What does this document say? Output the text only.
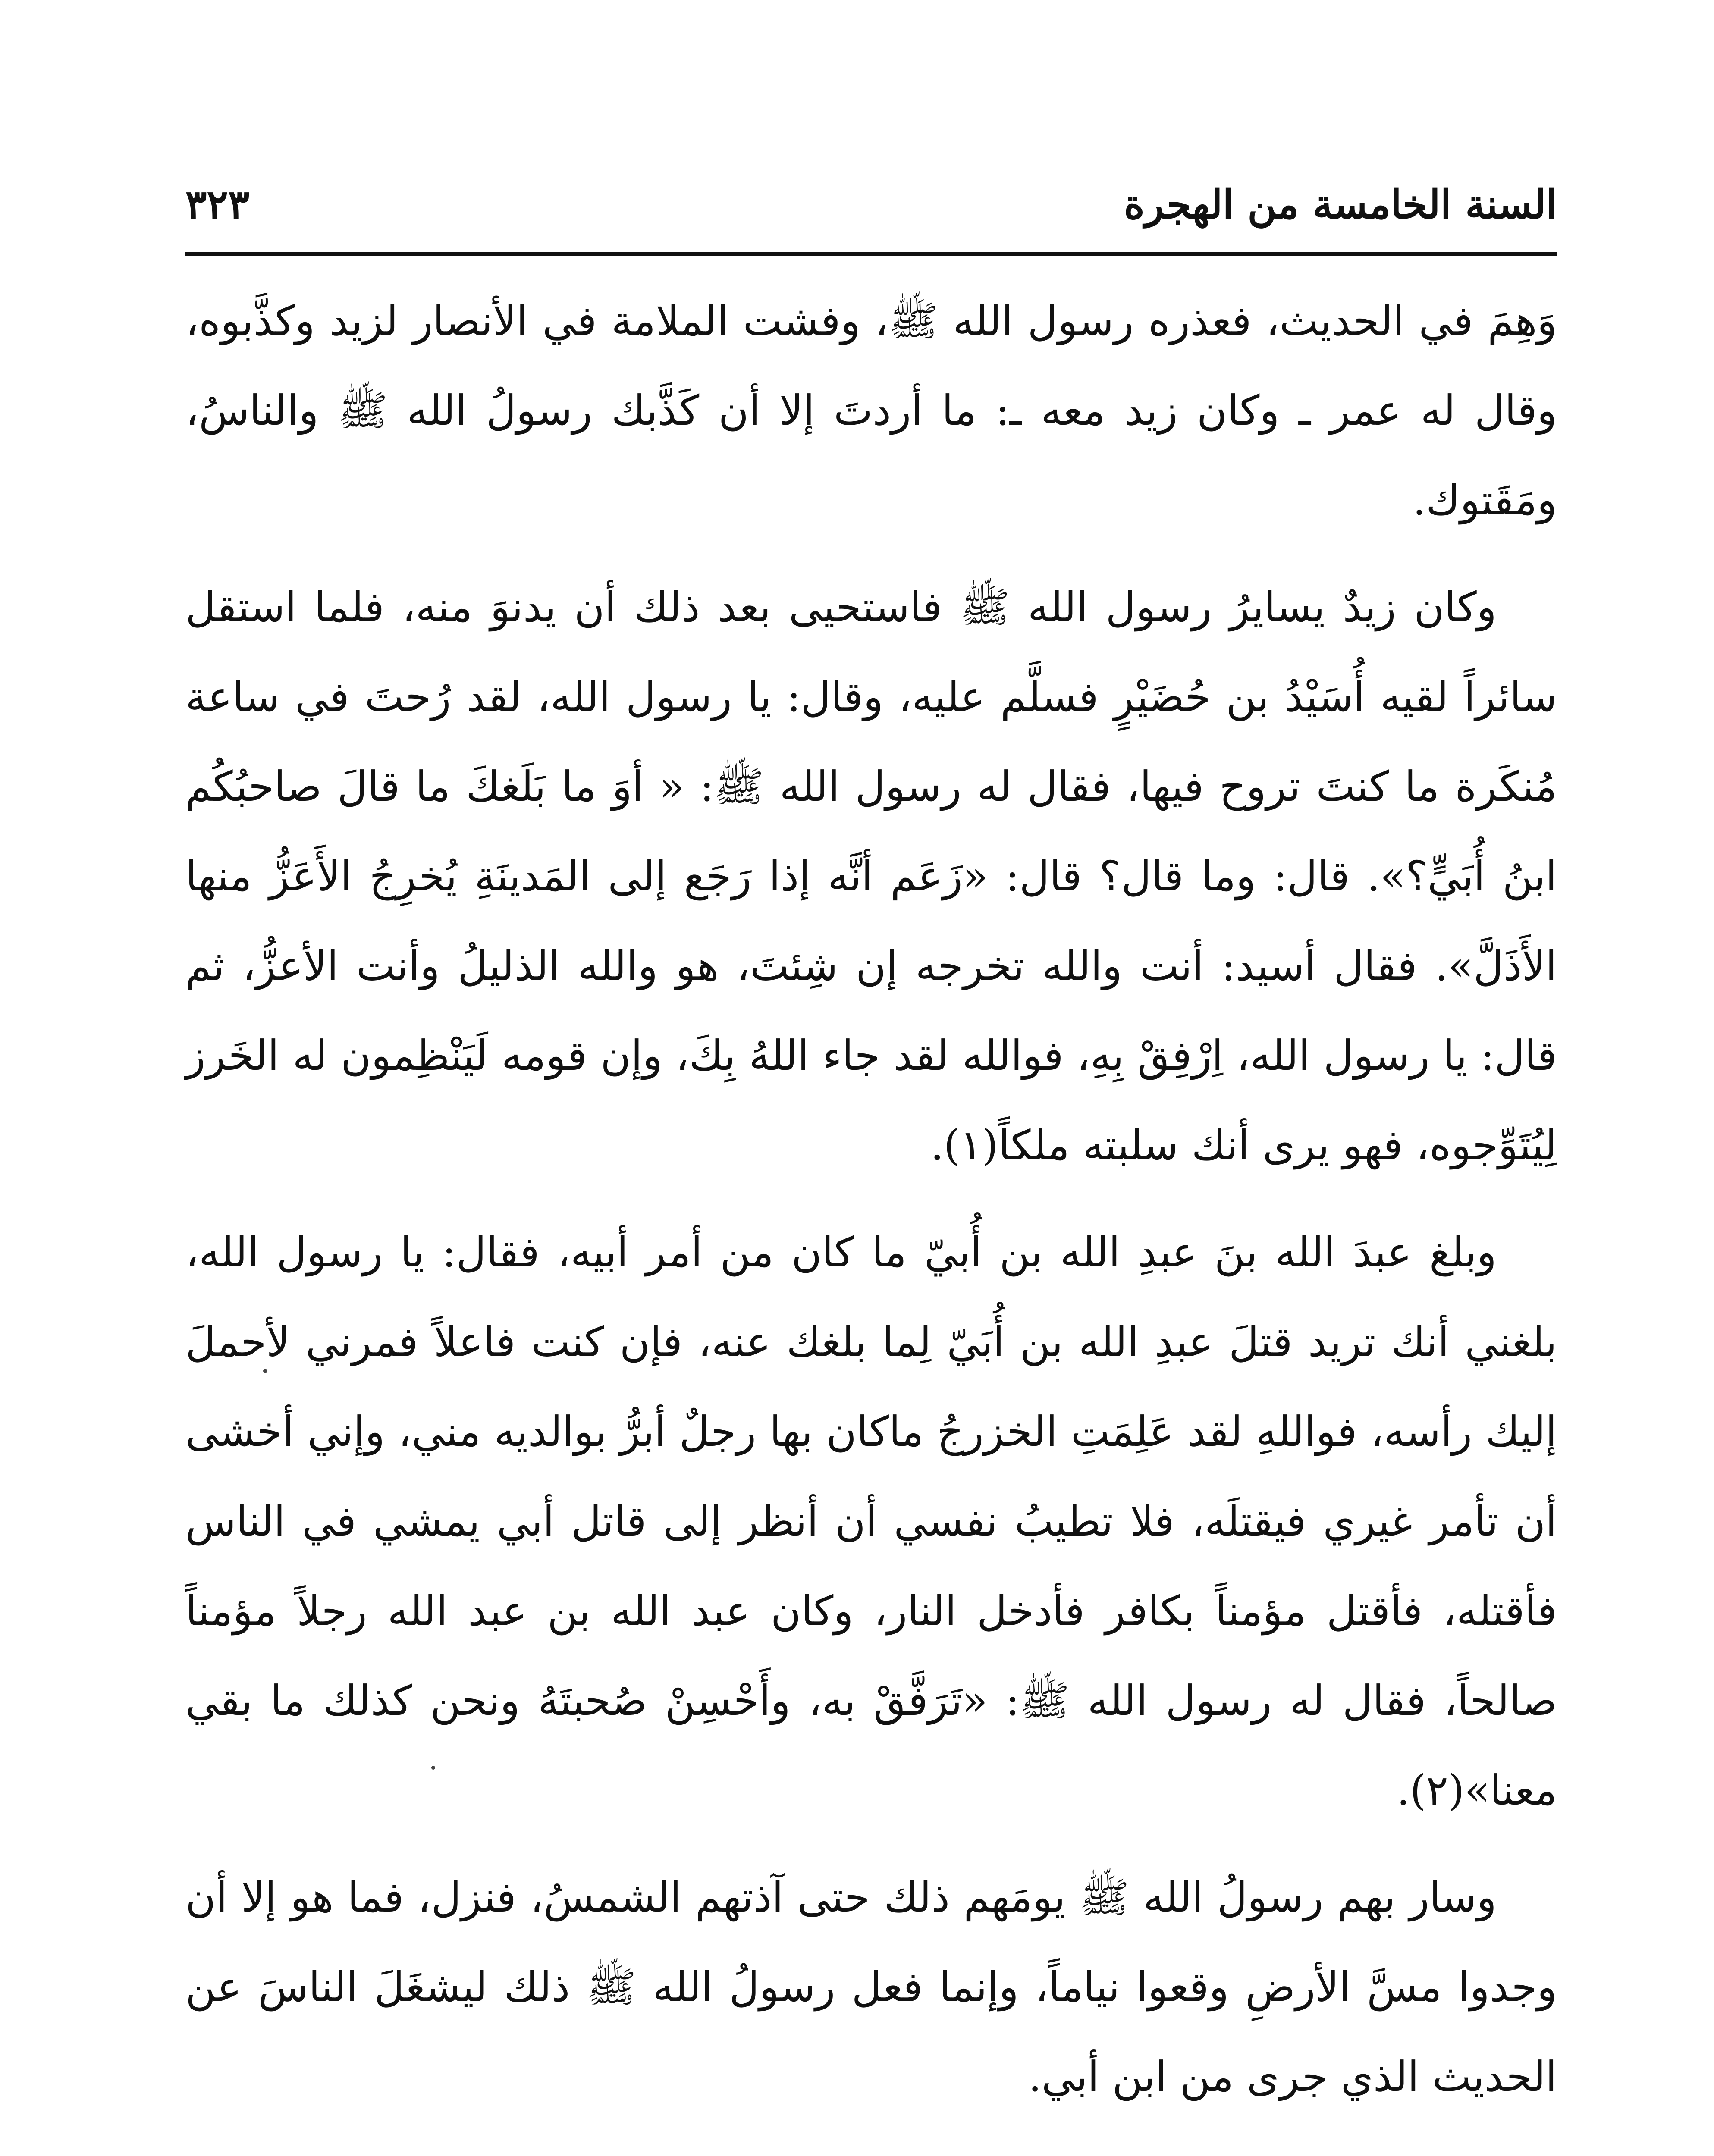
السنة الخامسة من الهجرة
٣٢٣

وَهِمَ في الحديث، فعذره رسول الله ﷺ، وفشت الملامة في الأنصار لزيد وكذَّبوه، وقال له عمر ـ وكان زيد معه ـ: ما أردتَ إلا أن كَذَّبك رسولُ الله ﷺ والناسُ، ومَقَتوك.

وكان زيدٌ يسايرُ رسول الله ﷺ فاستحيى بعد ذلك أن يدنوَ منه، فلما استقل سائراً لقيه أُسَيْدُ بن حُضَيْرٍ فسلَّم عليه، وقال: يا رسول الله، لقد رُحتَ في ساعة مُنكَرة ما كنتَ تروح فيها، فقال له رسول الله ﷺ: « أوَ ما بَلَغكَ ما قالَ صاحبُكُم ابنُ أُبَيٍّ؟». قال: وما قال؟ قال: «زَعَم أنَّه إذا رَجَع إلى المَدينَةِ يُخرِجُ الأَعَزُّ منها الأَذَلَّ». فقال أسيد: أنت والله تخرجه إن شِئتَ، هو والله الذليلُ وأنت الأعزُّ، ثم قال: يا رسول الله، اِرْفِقْ بِهِ، فوالله لقد جاء اللهُ بِكَ، وإن قومه لَيَنْظِمون له الخَرز لِيُتَوِّجوه، فهو يرى أنك سلبته ملكاً(١).

وبلغ عبدَ الله بنَ عبدِ الله بن أُبيّ ما كان من أمر أبيه، فقال: يا رسول الله، بلغني أنك تريد قتلَ عبدِ الله بن أُبَيّ لِما بلغك عنه، فإن كنت فاعلاً فمرني لأحملَ إليك رأسه، فواللهِ لقد عَلِمَتِ الخزرجُ ماكان بها رجلٌ أبرُّ بوالديه مني، وإني أخشى أن تأمر غيري فيقتلَه، فلا تطيبُ نفسي أن أنظر إلى قاتل أبي يمشي في الناس فأقتله، فأقتل مؤمناً بكافر فأدخل النار، وكان عبد الله بن عبد الله رجلاً مؤمناً صالحاً، فقال له رسول الله ﷺ: «تَرَفَّقْ به، وأَحْسِنْ صُحبتَهُ ونحن كذلك ما بقي معنا»(٢).

وسار بهم رسولُ الله ﷺ يومَهم ذلك حتى آذتهم الشمسُ، فنزل، فما هو إلا أن وجدوا مسَّ الأرضِ وقعوا نياماً، وإنما فعل رسولُ الله ﷺ ذلك ليشغَلَ الناسَ عن الحديث الذي جرى من ابن أبي.
